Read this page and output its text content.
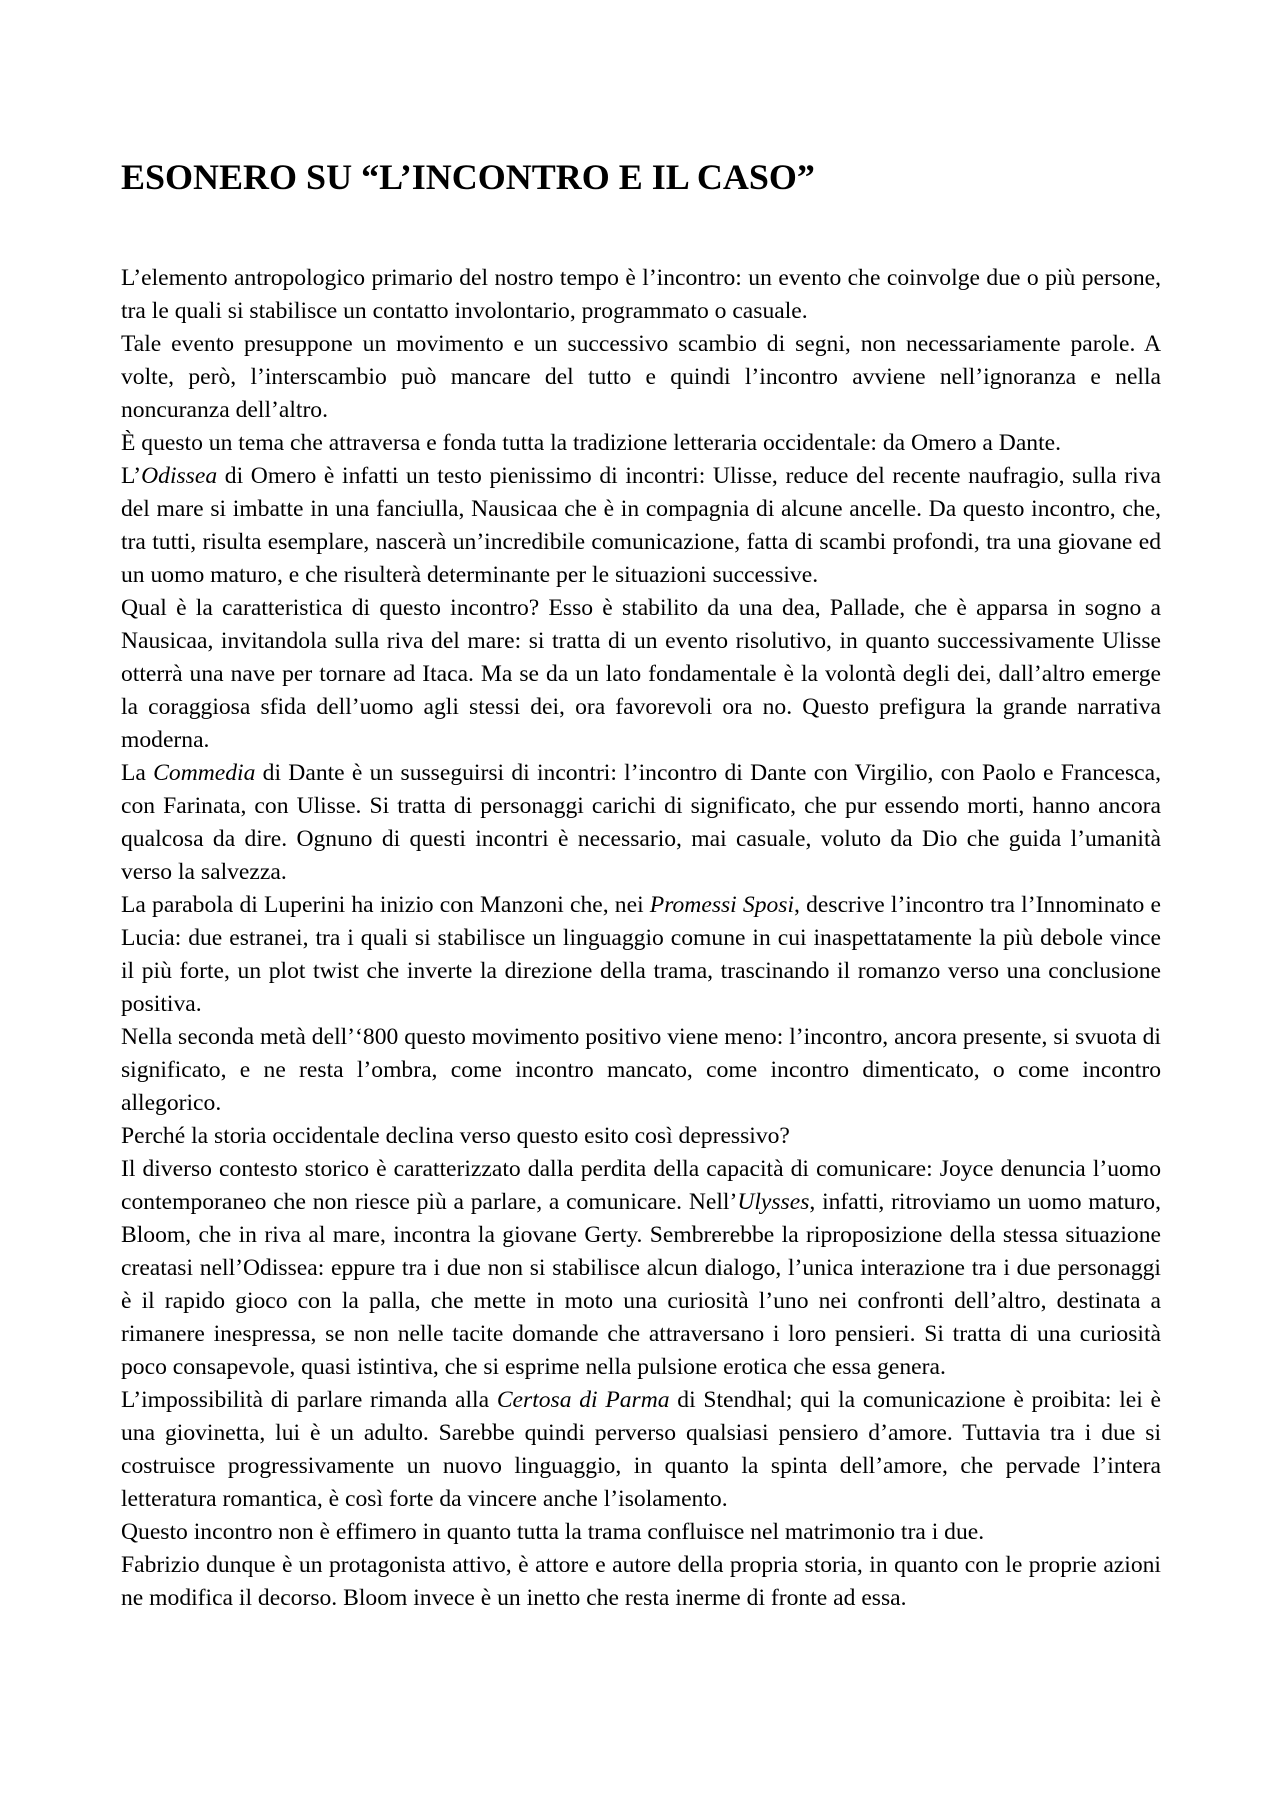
ESONERO SU “L’INCONTRO E IL CASO”

L’elemento antropologico primario del nostro tempo è l’incontro: un evento che coinvolge due o più persone, tra le quali si stabilisce un contatto involontario, programmato o casuale.

Tale evento presuppone un movimento e un successivo scambio di segni, non necessariamente parole. A volte, però, l’interscambio può mancare del tutto e quindi l’incontro avviene nell’ignoranza e nella noncuranza dell’altro.

È questo un tema che attraversa e fonda tutta la tradizione letteraria occidentale: da Omero a Dante.

L’Odissea di Omero è infatti un testo pienissimo di incontri: Ulisse, reduce del recente naufragio, sulla riva del mare si imbatte in una fanciulla, Nausicaa che è in compagnia di alcune ancelle. Da questo incontro, che, tra tutti, risulta esemplare, nascerà un’incredibile comunicazione, fatta di scambi profondi, tra una giovane ed un uomo maturo, e che risulterà determinante per le situazioni successive.

Qual è la caratteristica di questo incontro? Esso è stabilito da una dea, Pallade, che è apparsa in sogno a Nausicaa, invitandola sulla riva del mare: si tratta di un evento risolutivo, in quanto successivamente Ulisse otterrà una nave per tornare ad Itaca. Ma se da un lato fondamentale è la volontà degli dei, dall’altro emerge la coraggiosa sfida dell’uomo agli stessi dei, ora favorevoli ora no. Questo prefigura la grande narrativa moderna.

La Commedia di Dante è un susseguirsi di incontri: l’incontro di Dante con Virgilio, con Paolo e Francesca, con Farinata, con Ulisse. Si tratta di personaggi carichi di significato, che pur essendo morti, hanno ancora qualcosa da dire. Ognuno di questi incontri è necessario, mai casuale, voluto da Dio che guida l’umanità verso la salvezza.

La parabola di Luperini ha inizio con Manzoni che, nei Promessi Sposi, descrive l’incontro tra l’Innominato e Lucia: due estranei, tra i quali si stabilisce un linguaggio comune in cui inaspettatamente la più debole vince il più forte, un plot twist che inverte la direzione della trama, trascinando il romanzo verso una conclusione positiva.

Nella seconda metà dell’‘800 questo movimento positivo viene meno: l’incontro, ancora presente, si svuota di significato, e ne resta l’ombra, come incontro mancato, come incontro dimenticato, o come incontro allegorico.

Perché la storia occidentale declina verso questo esito così depressivo?

Il diverso contesto storico è caratterizzato dalla perdita della capacità di comunicare: Joyce denuncia l’uomo contemporaneo che non riesce più a parlare, a comunicare. Nell’Ulysses, infatti, ritroviamo un uomo maturo, Bloom, che in riva al mare, incontra la giovane Gerty. Sembrerebbe la riproposizione della stessa situazione creatasi nell’Odissea: eppure tra i due non si stabilisce alcun dialogo, l’unica interazione tra i due personaggi è il rapido gioco con la palla, che mette in moto una curiosità l’uno nei confronti dell’altro, destinata a rimanere inespressa, se non nelle tacite domande che attraversano i loro pensieri. Si tratta di una curiosità poco consapevole, quasi istintiva, che si esprime nella pulsione erotica che essa genera.

L’impossibilità di parlare rimanda alla Certosa di Parma di Stendhal; qui la comunicazione è proibita: lei è una giovinetta, lui è un adulto. Sarebbe quindi perverso qualsiasi pensiero d’amore. Tuttavia tra i due si costruisce progressivamente un nuovo linguaggio, in quanto la spinta dell’amore, che pervade l’intera letteratura romantica, è così forte da vincere anche l’isolamento.

Questo incontro non è effimero in quanto tutta la trama confluisce nel matrimonio tra i due.

Fabrizio dunque è un protagonista attivo, è attore e autore della propria storia, in quanto con le proprie azioni ne modifica il decorso. Bloom invece è un inetto che resta inerme di fronte ad essa.
